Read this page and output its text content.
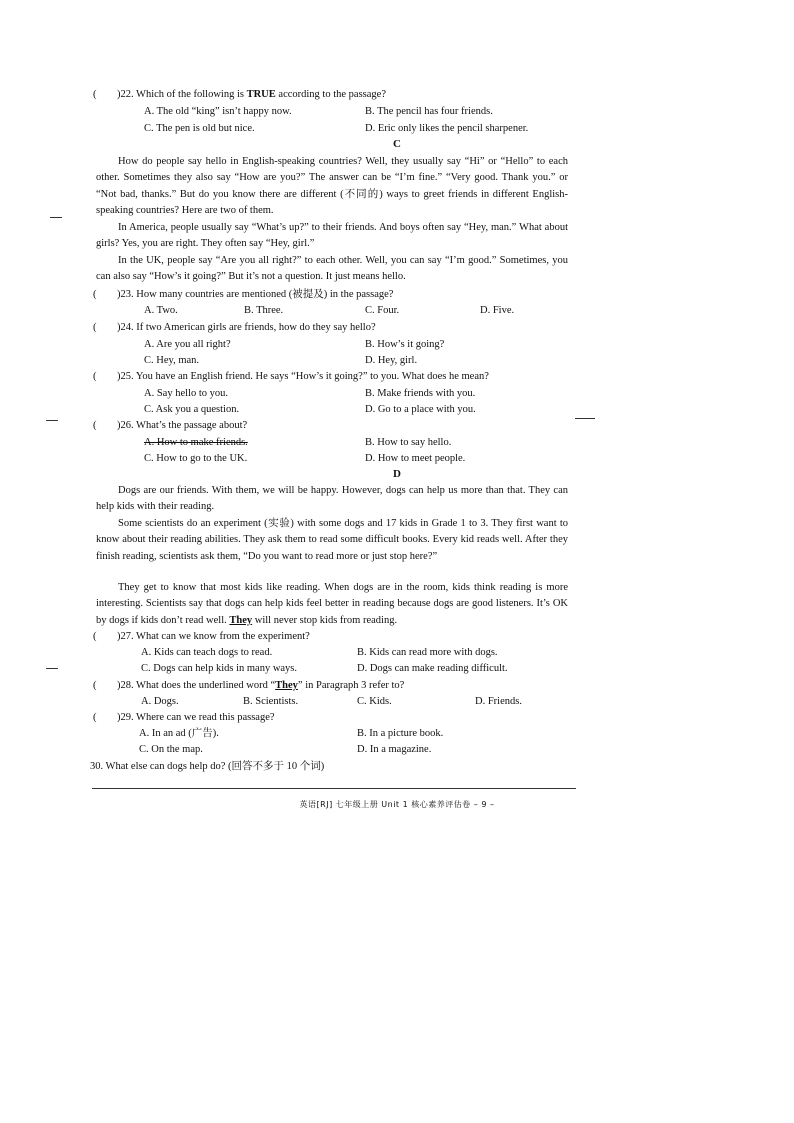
( )22. Which of the following is TRUE according to the passage?
A. The old “king” isn’t happy now.	B. The pencil has four friends.
C. The pen is old but nice.	D. Eric only likes the pencil sharpener.
C
How do people say hello in English-speaking countries? Well, they usually say “Hi” or “Hello” to each other. Sometimes they also say “How are you?” The answer can be “I’m fine.” “Very good. Thank you.” or “Not bad, thanks.” But do you know there are different (不同的) ways to greet friends in different English-speaking countries? Here are two of them.
In America, people usually say “What’s up?” to their friends. And boys often say “Hey, man.” What about girls? Yes, you are right. They often say “Hey, girl.”
In the UK, people say “Are you all right?” to each other. Well, you can say “I’m good.” Sometimes, you can also say “How’s it going?” But it’s not a question. It just means hello.
( )23. How many countries are mentioned (被提及) in the passage?
A. Two.	B. Three.	C. Four.	D. Five.
( )24. If two American girls are friends, how do they say hello?
A. Are you all right?	B. How’s it going?
C. Hey, man.	D. Hey, girl.
( )25. You have an English friend. He says “How’s it going?” to you. What does he mean?
A. Say hello to you.	B. Make friends with you.
C. Ask you a question.	D. Go to a place with you.
( )26. What’s the passage about?
A. How to make friends.	B. How to say hello.
C. How to go to the UK.	D. How to meet people.
D
Dogs are our friends. With them, we will be happy. However, dogs can help us more than that. They can help kids with their reading.
Some scientists do an experiment (实验) with some dogs and 17 kids in Grade 1 to 3. They first want to know about their reading abilities. They ask them to read some difficult books. Every kid reads well. After they finish reading, scientists ask them, “Do you want to read more or just stop here?”
They get to know that most kids like reading. When dogs are in the room, kids think reading is more interesting. Scientists say that dogs can help kids feel better in reading because dogs are good listeners. It’s OK by dogs if kids don’t read well. They will never stop kids from reading.
( )27. What can we know from the experiment?
A. Kids can teach dogs to read.	B. Kids can read more with dogs.
C. Dogs can help kids in many ways.	D. Dogs can make reading difficult.
( )28. What does the underlined word “They” in Paragraph 3 refer to?
A. Dogs.	B. Scientists.	C. Kids.	D. Friends.
( )29. Where can we read this passage?
A. In an ad (广告).	B. In a picture book.
C. On the map.	D. In a magazine.
30. What else can dogs help do? (回答不多于 10 个词)
英语[RJ] 七年级上册 Unit 1 核心素养评估卷 – 9 –
